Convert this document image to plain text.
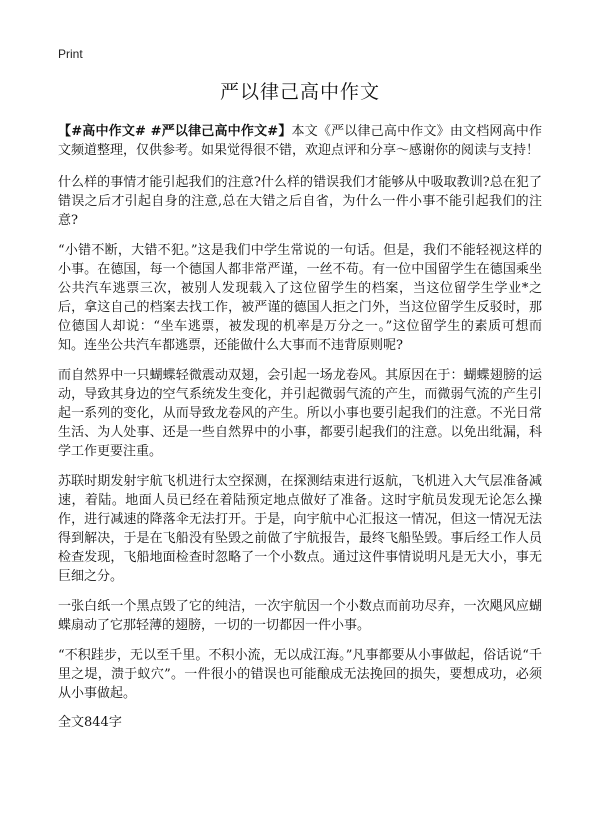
Print
严以律己高中作文

【#高中作文# #严以律己高中作文#】本文《严以律己高中作文》由文档网高中作文频道整理，仅供参考。如果觉得很不错，欢迎点评和分享～感谢你的阅读与支持！

什么样的事情才能引起我们的注意?什么样的错误我们才能够从中吸取教训?总在犯了错误之后才引起自身的注意,总在大错之后自省，为什么一件小事不能引起我们的注意?

“小错不断，大错不犯。”这是我们中学生常说的一句话。但是，我们不能轻视这样的小事。在德国，每一个德国人都非常严谨，一丝不苟。有一位中国留学生在德国乘坐公共汽车逃票三次，被别人发现载入了这位留学生的档案，当这位留学生学业*之后，拿这自己的档案去找工作，被严谨的德国人拒之门外，当这位留学生反驳时，那位德国人却说：“坐车逃票，被发现的机率是万分之一。”这位留学生的素质可想而知。连坐公共汽车都逃票，还能做什么大事而不违背原则呢?

而自然界中一只蝴蝶轻微震动双翅，会引起一场龙卷风。其原因在于：蝴蝶翅膀的运动，导致其身边的空气系统发生变化，并引起微弱气流的产生，而微弱气流的产生引起一系列的变化，从而导致龙卷风的产生。所以小事也要引起我们的注意。不光日常生活、为人处事、还是一些自然界中的小事，都要引起我们的注意。以免出纰漏，科学工作更要注重。

苏联时期发射宇航飞机进行太空探测，在探测结束进行返航，飞机进入大气层准备减速，着陆。地面人员已经在着陆预定地点做好了准备。这时宇航员发现无论怎么操作，进行减速的降落伞无法打开。于是，向宇航中心汇报这一情况，但这一情况无法得到解决，于是在飞船没有坠毁之前做了宇航报告，最终飞船坠毁。事后经工作人员检查发现，飞船地面检查时忽略了一个小数点。通过这件事情说明凡是无大小，事无巨细之分。

一张白纸一个黑点毁了它的纯洁，一次宇航因一个小数点而前功尽弃，一次飓风应蝴蝶扇动了它那轻薄的翅膀，一切的一切都因一件小事。

“不积跬步，无以至千里。不积小流，无以成江海。”凡事都要从小事做起，俗话说“千里之堤，溃于蚁穴”。一件很小的错误也可能酿成无法挽回的损失，要想成功，必须从小事做起。

全文844字
